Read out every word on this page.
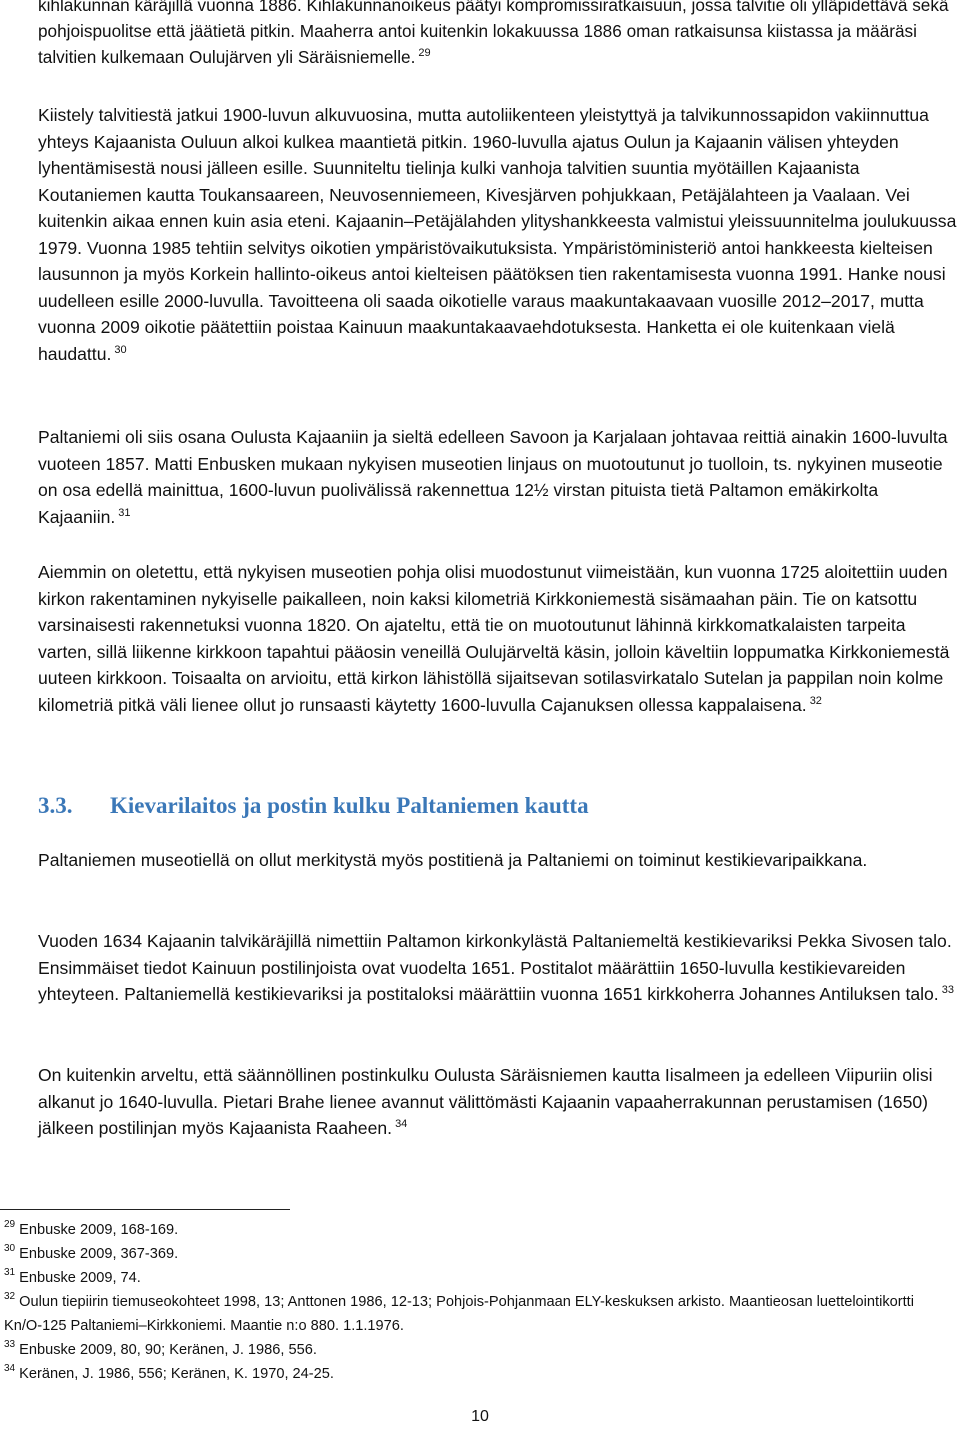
kihlakunnan käräjillä vuonna 1886. Kihlakunnanoikeus päätyi kompromissiratkaisuun, jossa talvitie oli ylläpidettävä sekä pohjoispuolitse että jäätietä pitkin. Maaherra antoi kuitenkin lokakuussa 1886 oman ratkaisunsa kiistassa ja määräsi talvitien kulkemaan Oulujärven yli Säräisniemelle. $^{29}$

Kiistely talvitiestä jatkui 1900-luvun alkuvuosina, mutta autoliikenteen yleistyttyä ja talvikunnossapidon vakiinnuttua yhteys Kajaanista Ouluun alkoi kulkea maantietä pitkin. 1960-luvulla ajatus Oulun ja Kajaanin välisen yhteyden lyhentämisestä nousi jälleen esille. Suunniteltu tielinja kulki vanhoja talvitien suuntia myötäillen Kajaanista Koutaniemen kautta Toukansaareen, Neuvosenniemeen, Kivesjärven pohjukkaan, Petäjälahteen ja Vaalaan. Vei kuitenkin aikaa ennen kuin asia eteni. Kajaanin–Petäjälahden ylityshankkeesta valmistui yleissuunnitelma joulukuussa 1979. Vuonna 1985 tehtiin selvitys oikotien ympäristövaikutuksista. Ympäristöministeriö antoi hankkeesta kielteisen lausunnon ja myös Korkein hallinto-oikeus antoi kielteisen päätöksen tien rakentamisesta vuonna 1991. Hanke nousi uudelleen esille 2000-luvulla. Tavoitteena oli saada oikotielle varaus maakuntakaavaan vuosille 2012–2017, mutta vuonna 2009 oikotie päätettiin poistaa Kainuun maakuntakaavaehdotuksesta. Hanketta ei ole kuitenkaan vielä haudattu. $^{30}$

Paltaniemi oli siis osana Oulusta Kajaaniin ja sieltä edelleen Savoon ja Karjalaan johtavaa reittiä ainakin 1600-luvulta vuoteen 1857. Matti Enbusken mukaan nykyisen museotien linjaus on muotoutunut jo tuolloin, ts. nykyinen museotie on osa edellä mainittua, 1600-luvun puolivälissä rakennettua 12½ virstan pituista tietä Paltamon emäkirkolta Kajaaniin. $^{31}$

Aiemmin on oletettu, että nykyisen museotien pohja olisi muodostunut viimeistään, kun vuonna 1725 aloitettiin uuden kirkon rakentaminen nykyiselle paikalleen, noin kaksi kilometriä Kirkkoniemestä sisämaahan päin. Tie on katsottu varsinaisesti rakennetuksi vuonna 1820. On ajateltu, että tie on muotoutunut lähinnä kirkkomatkalaisten tarpeita varten, sillä liikenne kirkkoon tapahtui pääosin veneillä Oulujärveltä käsin, jolloin käveltiin loppumatka Kirkkoniemestä uuteen kirkkoon. Toisaalta on arvioitu, että kirkon lähistöllä sijaitsevan sotilasvirkatalo Sutelan ja pappilan noin kolme kilometriä pitkä väli lienee ollut jo runsaasti käytetty 1600-luvulla Cajanuksen ollessa kappalaisena. $^{32}$

3.3. Kievarilaitos ja postin kulku Paltaniemen kautta

Paltaniemen museotiellä on ollut merkitystä myös postitienä ja Paltaniemi on toiminut kestikievaripaikkana.

Vuoden 1634 Kajaanin talvikäräjillä nimettiin Paltamon kirkonkylästä Paltaniemeltä kestikievariksi Pekka Sivosen talo. Ensimmäiset tiedot Kainuun postilinjoista ovat vuodelta 1651. Postitalot määrättiin 1650-luvulla kestikievareiden yhteyteen. Paltaniemellä kestikievariksi ja postitaloksi määrättiin vuonna 1651 kirkkoherra Johannes Antiluksen talo. $^{33}$

On kuitenkin arveltu, että säännöllinen postinkulku Oulusta Säräisniemen kautta Iisalmeen ja edelleen Viipuriin olisi alkanut jo 1640-luvulla. Pietari Brahe lienee avannut välittömästi Kajaanin vapaaherrakunnan perustamisen (1650) jälkeen postilinjan myös Kajaanista Raaheen. $^{34}$

$^{29}$ Enbuske 2009, 168-169.
$^{30}$ Enbuske 2009, 367-369.
$^{31}$ Enbuske 2009, 74.
$^{32}$ Oulun tiepiirin tiemuseokohteet 1998, 13; Anttonen 1986, 12-13; Pohjois-Pohjanmaan ELY-keskuksen arkisto. Maantieosan luettelointikortti Kn/O-125 Paltaniemi–Kirkkoniemi. Maantie n:o 880. 1.1.1976.
$^{33}$ Enbuske 2009, 80, 90; Keränen, J. 1986, 556.
$^{34}$ Keränen, J. 1986, 556; Keränen, K. 1970, 24-25.
10
